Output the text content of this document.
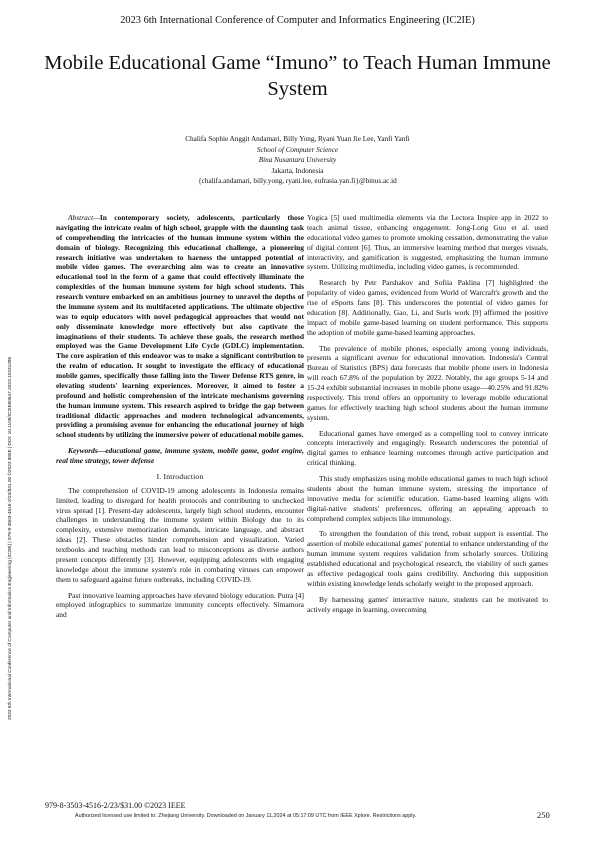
2023 6th International Conference of Computer and Informatics Engineering (IC2IE)
Mobile Educational Game “Imuno” to Teach Human Immune System
Chalifa Sophie Anggit Andamari, Billy Yong, Ryani Yuan Jie Lee, Yanfi Yanfi
School of Computer Science
Bina Nusantara University
Jakarta, Indonesia
{chalifa.andamari, billy.yong, ryani.lee, eufrasia.yan.fi}@binus.ac.id
2023 6th International Conference of Computer and Informatics Engineering (IC2IE) | 979-8-3503-4516-2/23/$31.00 ©2023 IEEE | DOI: 10.1109/IC2IE60547.2023.10331286

Abstract—In contemporary society, adolescents, particularly those navigating the intricate realm of high school, grapple with the daunting task of comprehending the intricacies of the human immune system within the domain of biology. Recognizing this educational challenge, a pioneering research initiative was undertaken to harness the untapped potential of mobile video games. The overarching aim was to create an innovative educational tool in the form of a game that could effectively illuminate the complexities of the human immune system for high school students. This research venture embarked on an ambitious journey to unravel the depths of the immune system and its multifaceted applications. The ultimate objective was to equip educators with novel pedagogical approaches that would not only disseminate knowledge more effectively but also captivate the imaginations of their students. To achieve these goals, the research method employed was the Game Development Life Cycle (GDLC) implementation. The core aspiration of this endeavor was to make a significant contribution to the realm of education. It sought to investigate the efficacy of educational mobile games, specifically those falling into the Tower Defense RTS genre, in elevating students' learning experiences. Moreover, it aimed to foster a profound and holistic comprehension of the intricate mechanisms governing the human immune system. This research aspired to bridge the gap between traditional didactic approaches and modern technological advancements, providing a promising avenue for enhancing the educational journey of high school students by utilizing the immersive power of educational mobile games.

Keywords—educational game, immune system, mobile game, godot engine, real time strategy, tower defense

I. Introduction

The comprehension of COVID-19 among adolescents in Indonesia remains limited, leading to disregard for health protocols and contributing to unchecked virus spread [1]. Present-day adolescents, largely high school students, encounter challenges in understanding the immune system within Biology due to its complexity, extensive memorization demands, intricate language, and abstract ideas [2]. These obstacles hinder comprehension and visualization. Varied textbooks and teaching methods can lead to misconceptions as diverse authors present concepts differently [3]. However, equipping adolescents with engaging knowledge about the immune system's role in combating viruses can empower them to safeguard against future outbreaks, including COVID-19.

Past innovative learning approaches have elevated biology education. Putra [4] employed infographics to summarize immunity concepts effectively. Simamora and

Yogica [5] used multimedia elements via the Lectora Inspire app in 2022 to teach animal tissue, enhancing engagement. Jong-Long Guo et al. used educational video games to promote smoking cessation, demonstrating the value of digital content [6]. Thus, an immersive learning method that merges visuals, interactivity, and gamification is suggested, emphasizing the human immune system. Utilizing multimedia, including video games, is recommended.

Research by Petr Parshakov and Sofiia Paklina [7] highlighted the popularity of video games, evidenced from World of Warcraft's growth and the rise of eSports fans [8]. This underscores the potential of video games for education [8]. Additionally, Gao, Li, and Surls work [9] affirmed the positive impact of mobile game-based learning on student performance. This supports the adoption of mobile game-based learning approaches.

The prevalence of mobile phones, especially among young individuals, presents a significant avenue for educational innovation. Indonesia's Central Bureau of Statistics (BPS) data forecasts that mobile phone users in Indonesia will reach 67.8% of the population by 2022. Notably, the age groups 5-14 and 15-24 exhibit substantial increases in mobile phone usage—40.25% and 91.82% respectively. This trend offers an opportunity to leverage mobile educational games for effectively teaching high school students about the human immune system.

Educational games have emerged as a compelling tool to convey intricate concepts interactively and engagingly. Research underscores the potential of digital games to enhance learning outcomes through active participation and critical thinking.

This study emphasizes using mobile educational games to teach high school students about the human immune system, stressing the importance of innovative media for scientific education. Game-based learning aligns with digital-native students' preferences, offering an appealing approach to comprehend complex subjects like immunology.

To strengthen the foundation of this trend, robust support is essential. The assertion of mobile educational games' potential to enhance understanding of the human immune system requires validation from scholarly sources. Utilizing established educational and psychological research, the viability of such games as effective pedagogical tools gains credibility. Anchoring this supposition within existing knowledge lends scholarly weight to the proposed approach.

By harnessing games' interactive nature, students can be motivated to actively engage in learning, overcoming

979-8-3503-4516-2/23/$31.00 ©2023 IEEE
Authorized licensed use limited to: Zhejiang University. Downloaded on January 11,2024 at 05:17:09 UTC from IEEE Xplore. Restrictions apply.	250
